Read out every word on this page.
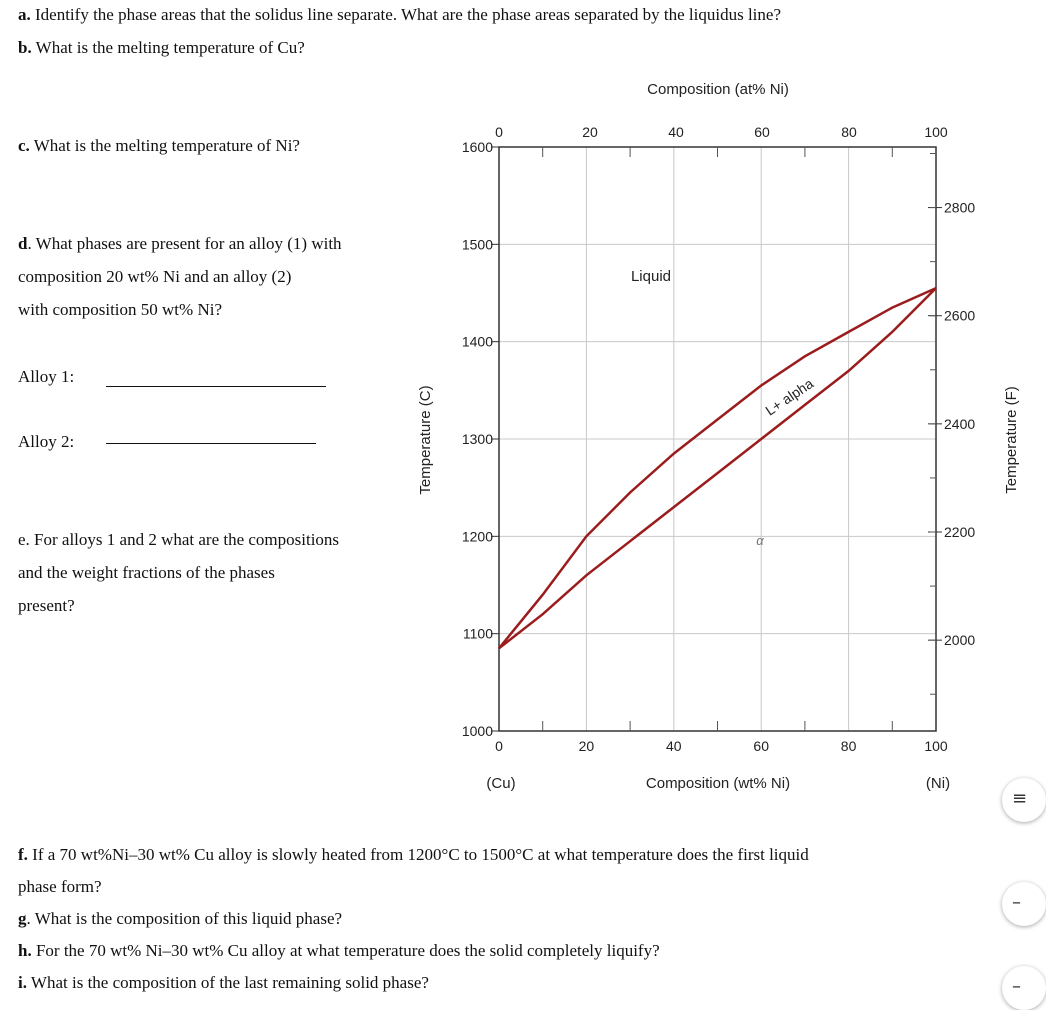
a. Identify the phase areas that the solidus line separate. What are the phase areas separated by the liquidus line?
b. What is the melting temperature of Cu?
c. What is the melting temperature of Ni?
d. What phases are present for an alloy (1) with
composition 20 wt% Ni and an alloy (2)
with composition 50 wt% Ni?
Alloy 1:
Alloy 2:
e. For alloys 1 and 2 what are the compositions
and the weight fractions of the phases
present?
f. If a 70 wt%Ni–30 wt% Cu alloy is slowly heated from 1200°C to 1500°C at what temperature does the first liquid
phase form?
g. What is the composition of this liquid phase?
h. For the 70 wt% Ni–30 wt% Cu alloy at what temperature does the solid completely liquify?
i. What is the composition of the last remaining solid phase?
0	20	40	60	80	100
0	20	40	60	80	100
1600
1500
1400
1300
1200
1100
1000
2800
2600
2400
2200
2000
Composition (at% Ni)
Composition (wt% Ni)
Temperature (C)	Temperature (F)
(Cu)	(Ni)
Liquid
L+ alpha
α
≡
–
–
